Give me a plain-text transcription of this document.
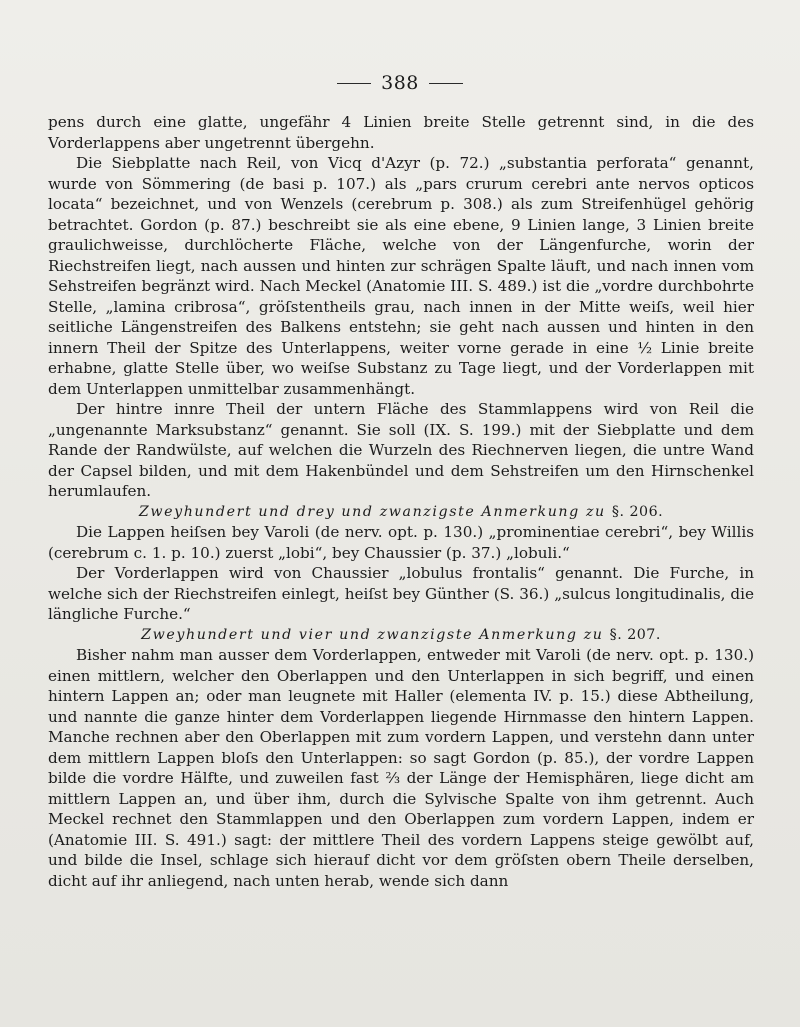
388

pens durch eine glatte, ungefähr 4 Linien breite Stelle getrennt sind, in die des Vorderlappens aber ungetrennt übergehn.

Die Siebplatte nach Reil, von Vicq d'Azyr (p. 72.) „substantia perforata“ genannt, wurde von Sömmering (de basi p. 107.) als „pars crurum cerebri ante nervos opticos locata“ bezeichnet, und von Wenzels (cerebrum p. 308.) als zum Streifenhügel gehörig betrachtet. Gordon (p. 87.) beschreibt sie als eine ebene, 9 Linien lange, 3 Linien breite graulichweisse, durchlöcherte Fläche, welche von der Längenfurche, worin der Riechstreifen liegt, nach aussen und hinten zur schrägen Spalte läuft, und nach innen vom Sehstreifen begränzt wird. Nach Meckel (Anatomie III. S. 489.) ist die „vordre durchbohrte Stelle, „lamina cribrosa“, gröſstentheils grau, nach innen in der Mitte weiſs, weil hier seitliche Längenstreifen des Balkens entstehn; sie geht nach aussen und hinten in den innern Theil der Spitze des Unterlappens, weiter vorne gerade in eine ½ Linie breite erhabne, glatte Stelle über, wo weiſse Substanz zu Tage liegt, und der Vorderlappen mit dem Unterlappen unmittelbar zusammenhängt.

Der hintre innre Theil der untern Fläche des Stammlappens wird von Reil die „ungenannte Marksubstanz“ genannt. Sie soll (IX. S. 199.) mit der Siebplatte und dem Rande der Randwülste, auf welchen die Wurzeln des Riechnerven liegen, die untre Wand der Capsel bilden, und mit dem Hakenbündel und dem Sehstreifen um den Hirnschenkel herumlaufen.

Zweyhundert und drey und zwanzigste Anmerkung zu §. 206.

Die Lappen heiſsen bey Varoli (de nerv. opt. p. 130.) „prominentiae cerebri“, bey Willis (cerebrum c. 1. p. 10.) zuerst „lobi“, bey Chaussier (p. 37.) „lobuli.“

Der Vorderlappen wird von Chaussier „lobulus frontalis“ genannt. Die Furche, in welche sich der Riechstreifen einlegt, heiſst bey Günther (S. 36.) „sulcus longitudinalis, die längliche Furche.“

Zweyhundert und vier und zwanzigste Anmerkung zu §. 207.

Bisher nahm man ausser dem Vorderlappen, entweder mit Varoli (de nerv. opt. p. 130.) einen mittlern, welcher den Oberlappen und den Unterlappen in sich begriff, und einen hintern Lappen an; oder man leugnete mit Haller (elementa IV. p. 15.) diese Abtheilung, und nannte die ganze hinter dem Vorderlappen liegende Hirnmasse den hintern Lappen. Manche rechnen aber den Oberlappen mit zum vordern Lappen, und verstehn dann unter dem mittlern Lappen bloſs den Unterlappen: so sagt Gordon (p. 85.), der vordre Lappen bilde die vordre Hälfte, und zuweilen fast ⅔ der Länge der Hemisphären, liege dicht am mittlern Lappen an, und über ihm, durch die Sylvische Spalte von ihm getrennt. Auch Meckel rechnet den Stammlappen und den Oberlappen zum vordern Lappen, indem er (Anatomie III. S. 491.) sagt: der mittlere Theil des vordern Lappens steige gewölbt auf, und bilde die Insel, schlage sich hierauf dicht vor dem gröſsten obern Theile derselben, dicht auf ihr anliegend, nach unten herab, wende sich dann
